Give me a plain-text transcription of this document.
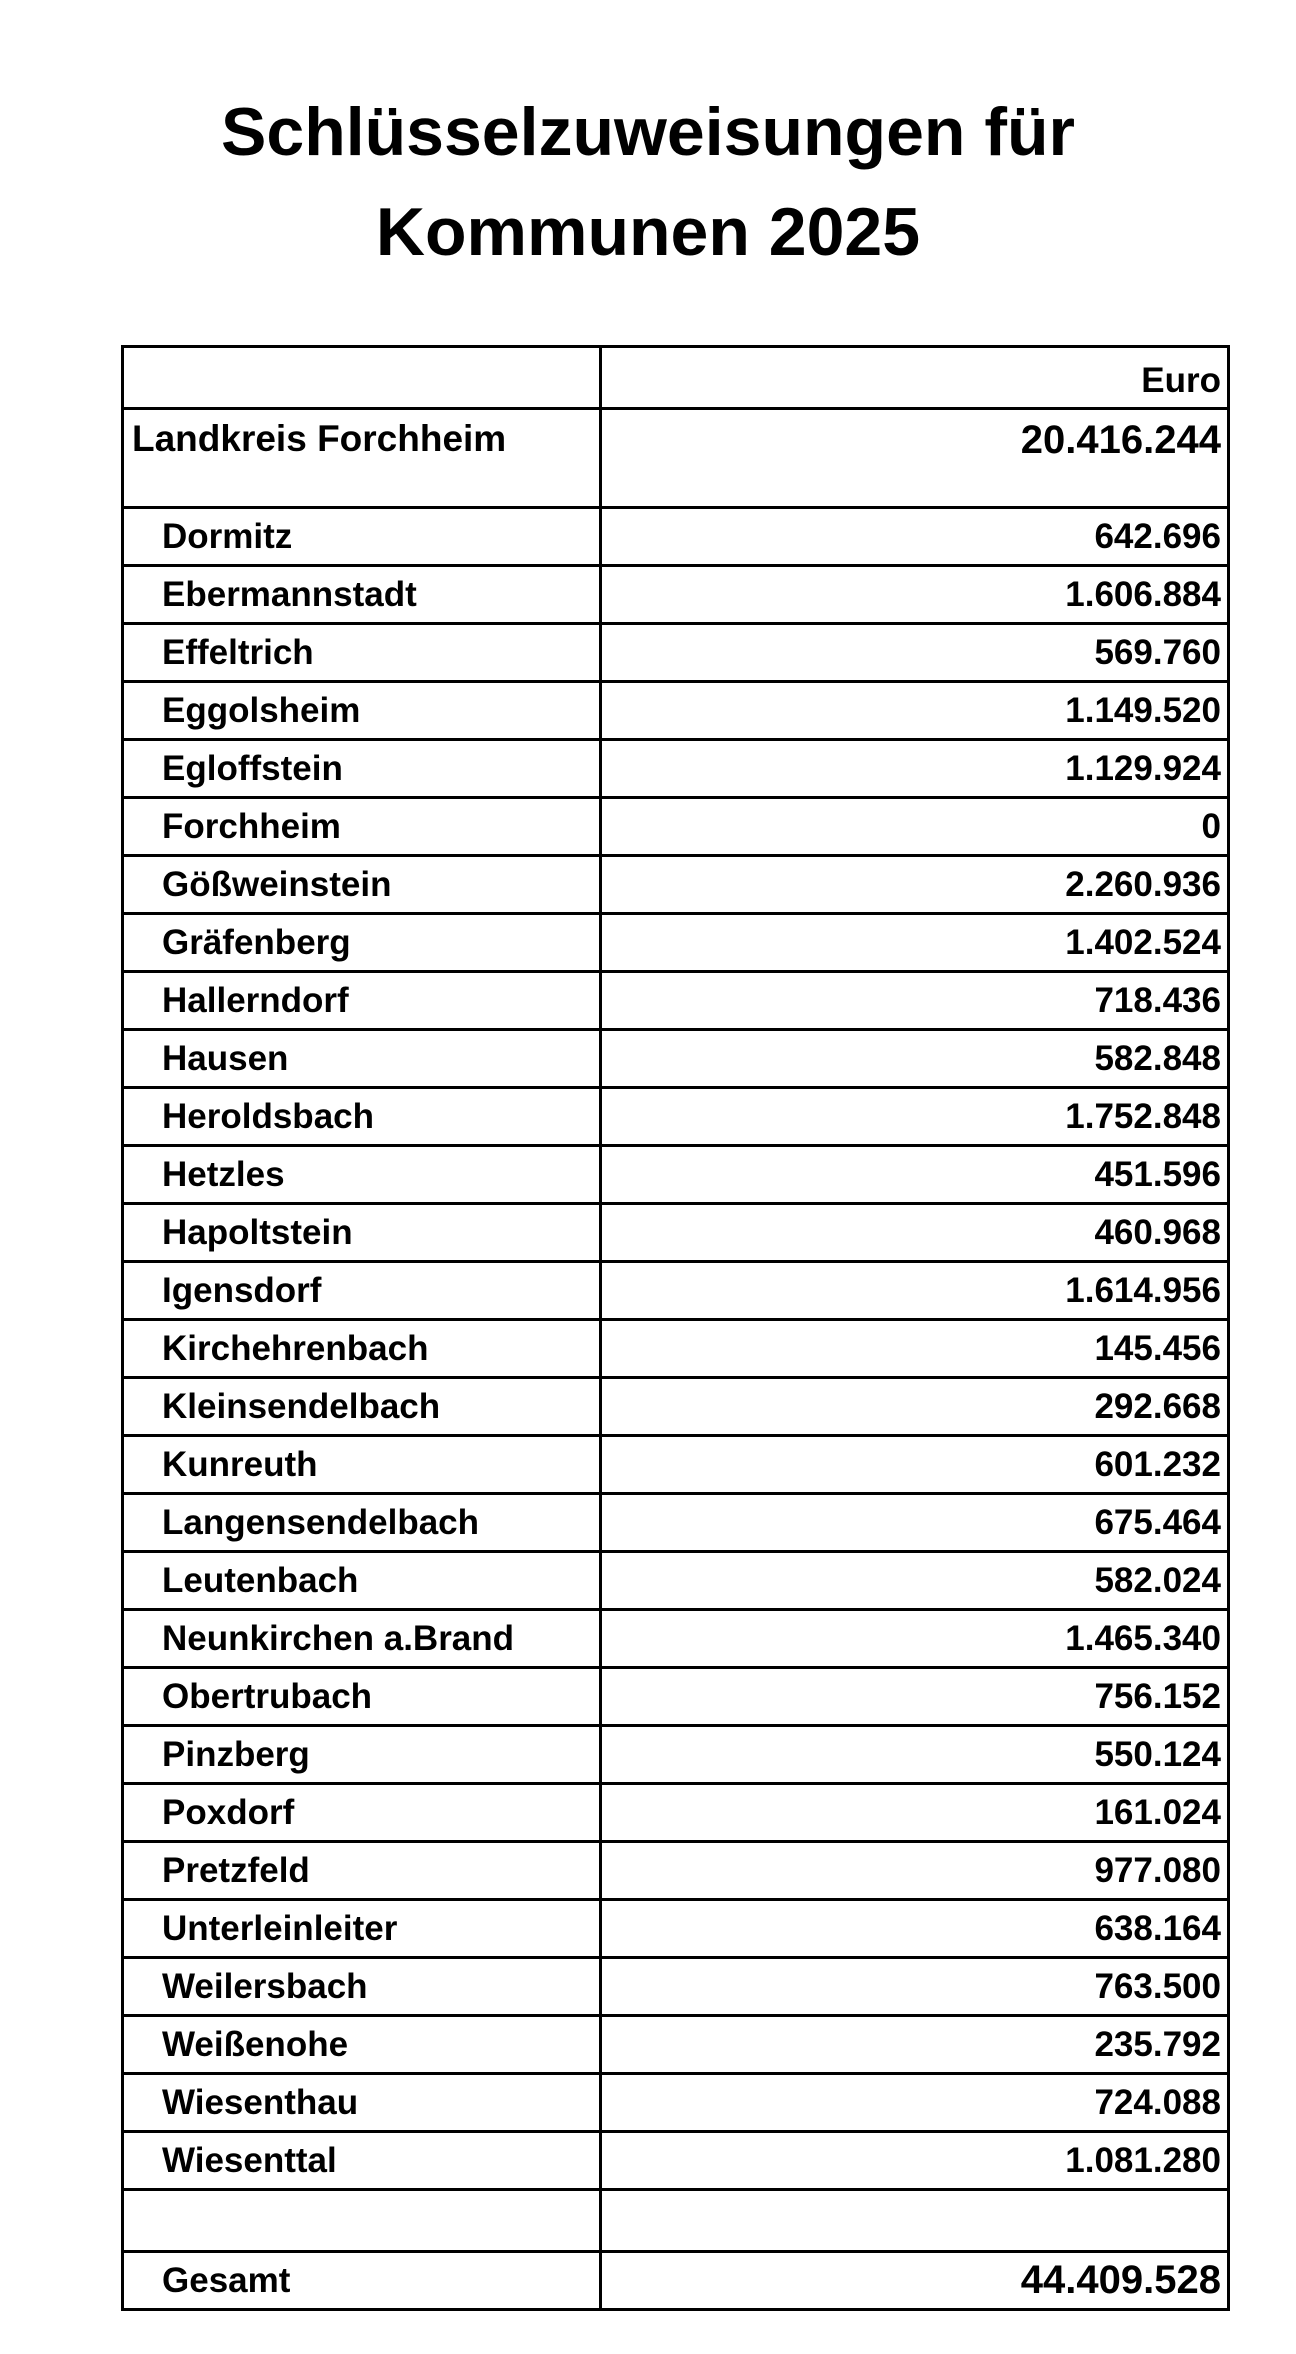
Schlüsselzuweisungen für
Kommunen 2025
	Euro
Landkreis Forchheim	20.416.244
Dormitz	642.696
Ebermannstadt	1.606.884
Effeltrich	569.760
Eggolsheim	1.149.520
Egloffstein	1.129.924
Forchheim	0
Gößweinstein	2.260.936
Gräfenberg	1.402.524
Hallerndorf	718.436
Hausen	582.848
Heroldsbach	1.752.848
Hetzles	451.596
Hapoltstein	460.968
Igensdorf	1.614.956
Kirchehrenbach	145.456
Kleinsendelbach	292.668
Kunreuth	601.232
Langensendelbach	675.464
Leutenbach	582.024
Neunkirchen a.Brand	1.465.340
Obertrubach	756.152
Pinzberg	550.124
Poxdorf	161.024
Pretzfeld	977.080
Unterleinleiter	638.164
Weilersbach	763.500
Weißenohe	235.792
Wiesenthau	724.088
Wiesenttal	1.081.280

Gesamt	44.409.528
